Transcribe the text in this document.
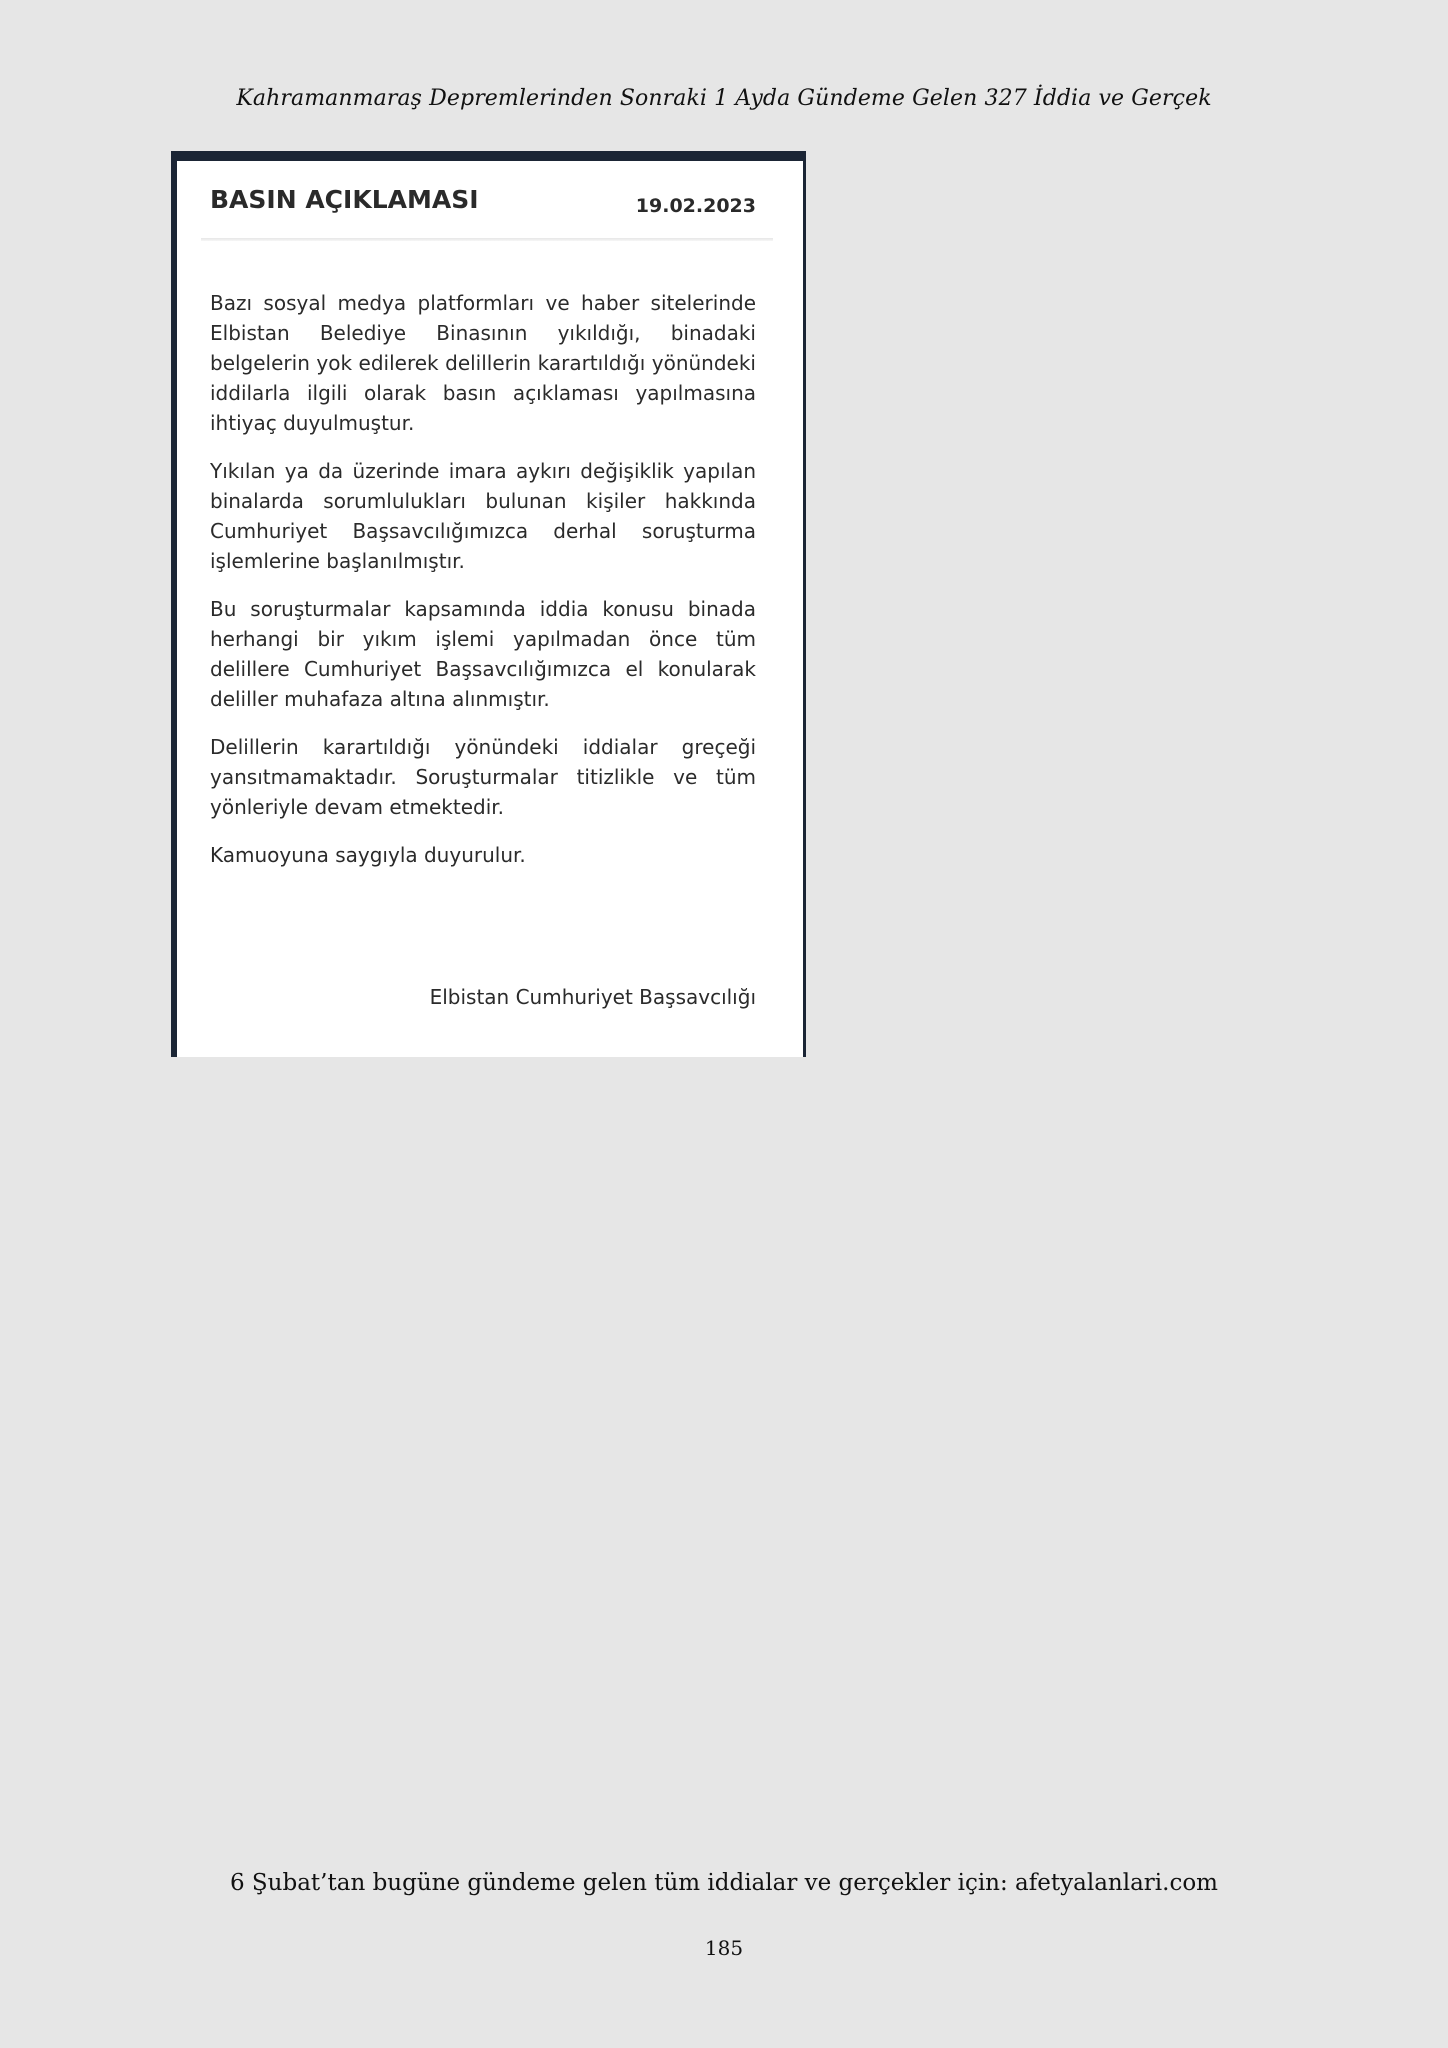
Kahramanmaraş Depremlerinden Sonraki 1 Ayda Gündeme Gelen 327 İddia ve Gerçek
BASIN AÇIKLAMASI	19.02.2023

Bazı sosyal medya platformları ve haber sitelerinde Elbistan Belediye Binasının yıkıldığı, binadaki belgelerin yok edilerek delillerin karartıldığı yönündeki iddilarla ilgili olarak basın açıklaması yapılmasına ihtiyaç duyulmuştur.

Yıkılan ya da üzerinde imara aykırı değişiklik yapılan binalarda sorumlulukları bulunan kişiler hakkında Cumhuriyet Başsavcılığımızca derhal soruşturma işlemlerine başlanılmıştır.

Bu soruşturmalar kapsamında iddia konusu binada herhangi bir yıkım işlemi yapılmadan önce tüm delillere Cumhuriyet Başsavcılığımızca el konularak deliller muhafaza altına alınmıştır.

Delillerin karartıldığı yönündeki iddialar greçeği yansıtmamaktadır. Soruşturmalar titizlikle ve tüm yönleriyle devam etmektedir.

Kamuoyuna saygıyla duyurulur.

Elbistan Cumhuriyet Başsavcılığı
6 Şubat’tan bugüne gündeme gelen tüm iddialar ve gerçekler için: afetyalanlari.com
185
